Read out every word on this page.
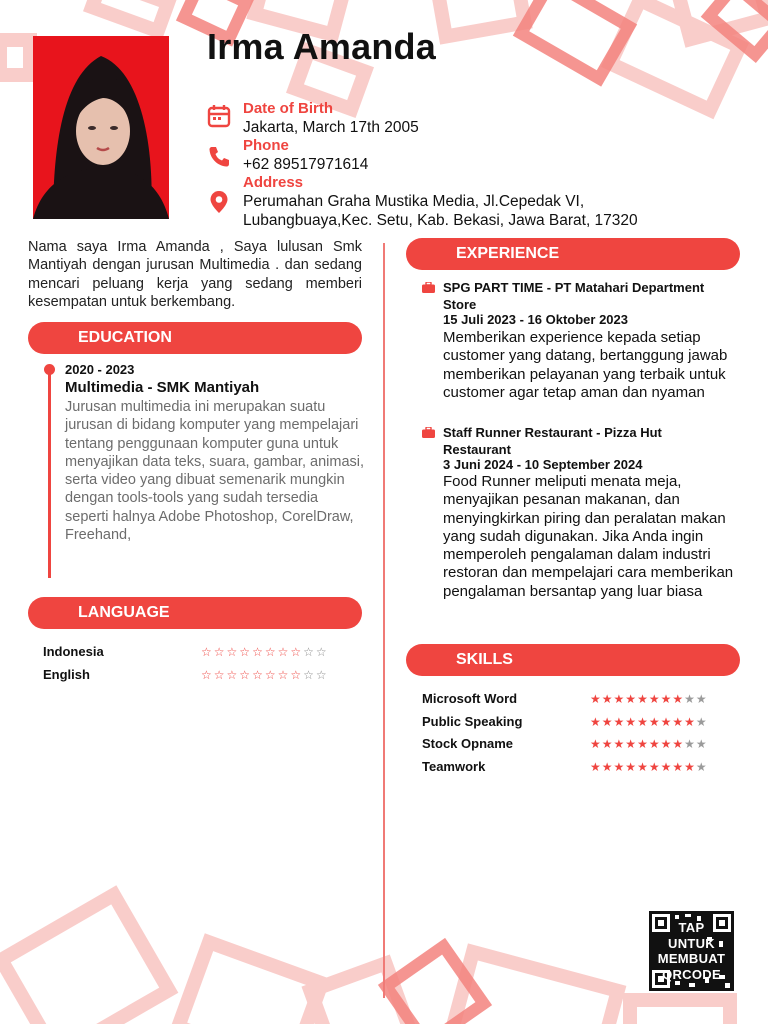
Irma Amanda
Date of Birth
Jakarta, March 17th 2005
Phone
+62 89517971614
Address
Perumahan Graha Mustika Media, Jl.Cepedak VI,
Lubangbuaya,Kec. Setu, Kab. Bekasi, Jawa Barat, 17320
Nama saya Irma Amanda , Saya lulusan Smk Mantiyah dengan jurusan Multimedia . dan sedang mencari peluang kerja yang sedang memberi kesempatan untuk berkembang.
EDUCATION
2020 - 2023
Multimedia - SMK Mantiyah
Jurusan multimedia ini merupakan suatu jurusan di bidang komputer yang mempelajari tentang penggunaan komputer guna untuk menyajikan data teks, suara, gambar, animasi, serta video yang dibuat semenarik mungkin dengan tools-tools yang sudah tersedia seperti halnya Adobe Photoshop, CorelDraw, Freehand,
LANGUAGE
Indonesia	☆☆☆☆☆☆☆☆☆☆
English	☆☆☆☆☆☆☆☆☆☆
EXPERIENCE
SPG PART TIME - PT Matahari Department Store
15 Juli 2023 - 16 Oktober 2023
Memberikan experience kepada setiap customer yang datang, bertanggung jawab memberikan pelayanan yang terbaik untuk customer agar tetap aman dan nyaman
Staff Runner Restaurant - Pizza Hut Restaurant
3 Juni 2024 - 10 September 2024
Food Runner meliputi menata meja, menyajikan pesanan makanan, dan menyingkirkan piring dan peralatan makan yang sudah digunakan. Jika Anda ingin memperoleh pengalaman dalam industri restoran dan mempelajari cara memberikan pengalaman bersantap yang luar biasa
SKILLS
Microsoft Word	★★★★★★★★★★
Public Speaking	★★★★★★★★★★
Stock Opname	★★★★★★★★★★
Teamwork	★★★★★★★★★★
TAP
UNTUK
MEMBUAT
QRCODE
